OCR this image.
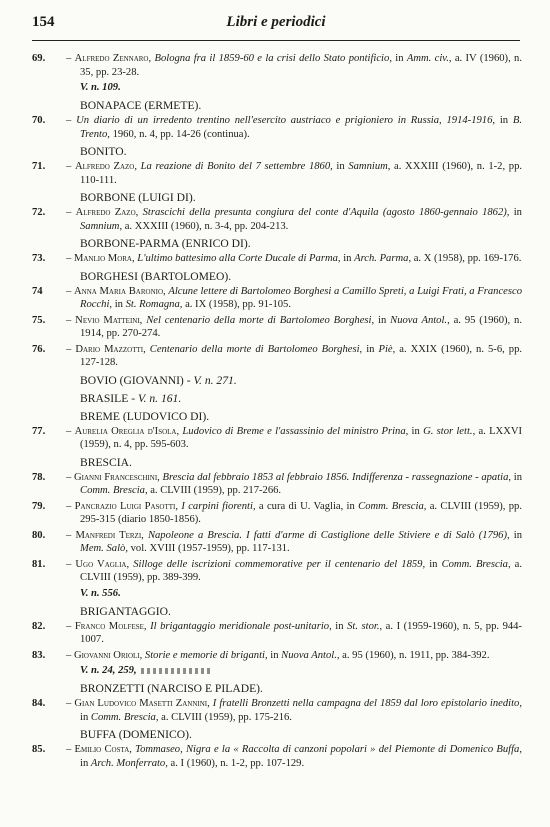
154	Libri e periodici
69.	– Alfredo Zennaro, Bologna fra il 1859-60 e la crisi dello Stato pontificio, in Amm. civ., a. IV (1960), n. 35, pp. 23-28.
V. n. 109.
BONAPACE (ERMETE).
70.	– Un diario di un irredento trentino nell'esercito austriaco e prigioniero in Russia, 1914-1916, in B. Trento, 1960, n. 4, pp. 14-26 (continua).
BONITO.
71.	– Alfredo Zazo, La reazione di Bonito del 7 settembre 1860, in Samnium, a. XXXIII (1960), n. 1-2, pp. 110-111.
BORBONE (LUIGI DI).
72.	– Alfredo Zazo, Strascichi della presunta congiura del conte d'Aquila (agosto 1860-gennaio 1862), in Samnium, a. XXXIII (1960), n. 3-4, pp. 204-213.
BORBONE-PARMA (ENRICO DI).
73.	– Manlio Mora, L'ultimo battesimo alla Corte Ducale di Parma, in Arch. Parma, a. X (1958), pp. 169-176.
BORGHESI (BARTOLOMEO).
74	– Anna Maria Baronio, Alcune lettere di Bartolomeo Borghesi a Camillo Spreti, a Luigi Frati, a Francesco Rocchi, in St. Romagna, a. IX (1958), pp. 91-105.
75.	– Nevio Matteini, Nel centenario della morte di Bartolomeo Borghesi, in Nuova Antol., a. 95 (1960), n. 1914, pp. 270-274.
76.	– Dario Mazzotti, Centenario della morte di Bartolomeo Borghesi, in Piè, a. XXIX (1960), n. 5-6, pp. 127-128.
BOVIO (GIOVANNI) - V. n. 271.
BRASILE - V. n. 161.
BREME (LUDOVICO DI).
77.	– Aurelia Oreglia d'Isola, Ludovico di Breme e l'assassinio del ministro Prina, in G. stor lett., a. LXXVI (1959), n. 4, pp. 595-603.
BRESCIA.
78.	– Gianni Franceschini, Brescia dal febbraio 1853 al febbraio 1856. Indifferenza - rassegnazione - apatia, in Comm. Brescia, a. CLVIII (1959), pp. 217-266.
79.	– Pancrazio Luigi Pasotti, I carpini fiorenti, a cura di U. Vaglia, in Comm. Brescia, a. CLVIII (1959), pp. 295-315 (diario 1850-1856).
80.	– Manfredi Terzi, Napoleone a Brescia. I fatti d'arme di Castiglione delle Stiviere e di Salò (1796), in Mem. Salò, vol. XVIII (1957-1959), pp. 117-131.
81.	– Ugo Vaglia, Silloge delle iscrizioni commemorative per il centenario del 1859, in Comm. Brescia, a. CLVIII (1959), pp. 389-399.
V. n. 556.
BRIGANTAGGIO.
82.	– Franco Molfese, Il brigantaggio meridionale post-unitario, in St. stor., a. I (1959-1960), n. 5, pp. 944-1007.
83.	– Giovanni Orioli, Storie e memorie di briganti, in Nuova Antol., a. 95 (1960), n. 1911, pp. 384-392.
V. n. 24, 259,
BRONZETTI (NARCISO E PILADE).
84.	– Gian Ludovico Masetti Zannini, I fratelli Bronzetti nella campagna del 1859 dal loro epistolario inedito, in Comm. Brescia, a. CLVIII (1959), pp. 175-216.
BUFFA (DOMENICO).
85.	– Emilio Costa, Tommaseo, Nigra e la « Raccolta di canzoni popolari » del Piemonte di Domenico Buffa, in Arch. Monferrato, a. I (1960), n. 1-2, pp. 107-129.
